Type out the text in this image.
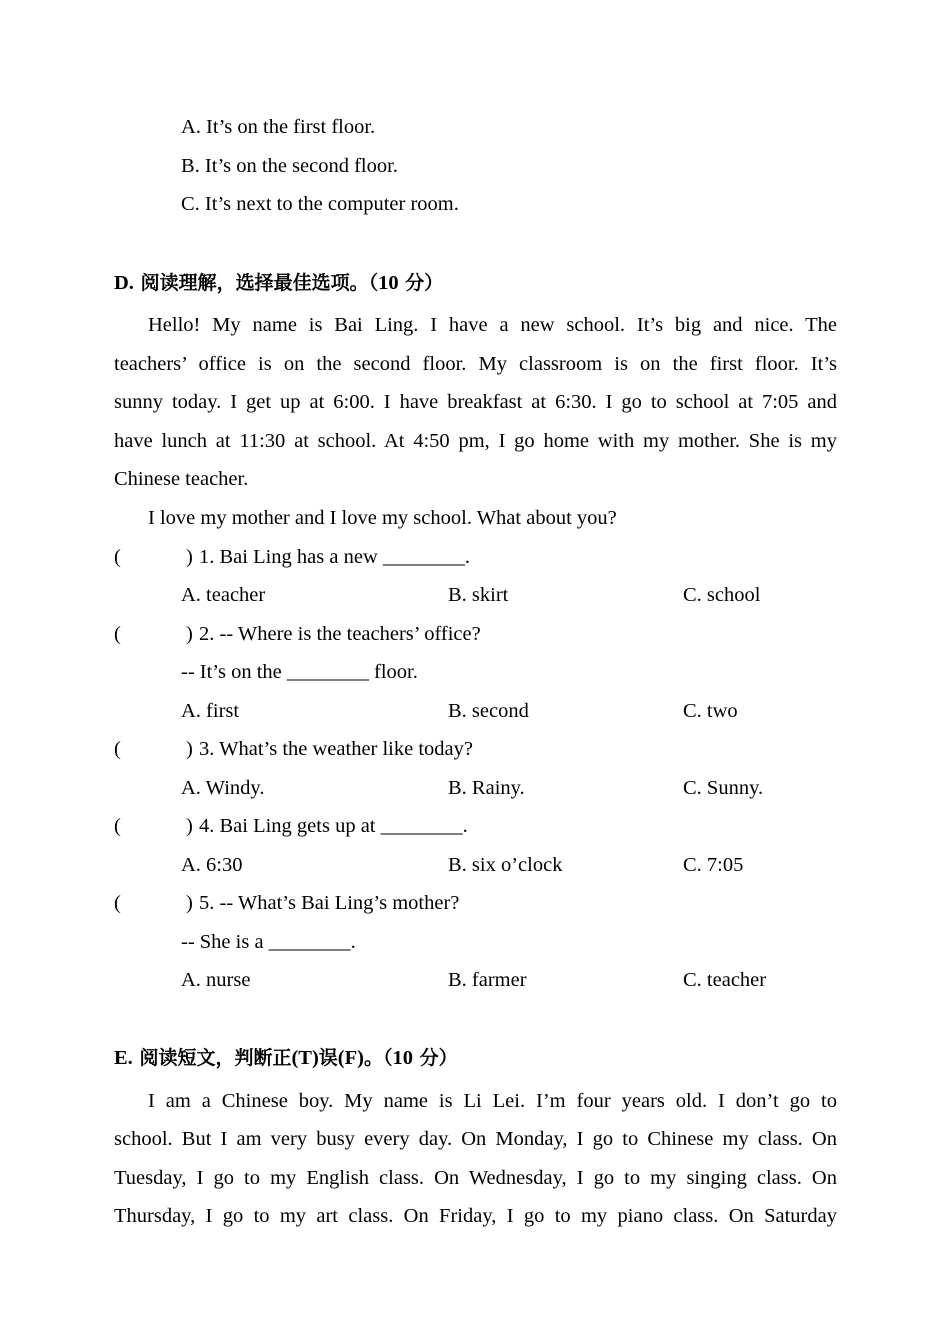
A. It’s on the first floor.
B. It’s on the second floor.
C. It’s next to the computer room.
D. 阅读理解，选择最佳选项。（10 分）
Hello! My name is Bai Ling. I have a new school. It’s big and nice. The
teachers’ office is on the second floor. My classroom is on the first floor. It’s
sunny today. I get up at 6:00. I have breakfast at 6:30. I go to school at 7:05 and
have lunch at 11:30 at school. At 4:50 pm, I go home with my mother. She is my
Chinese teacher.
I love my mother and I love my school. What about you?
(	) 1. Bai Ling has a new ________.
A. teacher	B. skirt	C. school
(	) 2. -- Where is the teachers’ office?
-- It’s on the ________ floor.
A. first	B. second	C. two
(	) 3. What’s the weather like today?
A. Windy.	B. Rainy.	C. Sunny.
(	) 4. Bai Ling gets up at ________.
A. 6:30	B. six o’clock	C. 7:05
(	) 5. -- What’s Bai Ling’s mother?
-- She is a ________.
A. nurse	B. farmer	C. teacher
E. 阅读短文，判断正(T)误(F)。（10 分）
I am a Chinese boy. My name is Li Lei. I’m four years old. I don’t go to
school. But I am very busy every day. On Monday, I go to Chinese my class. On
Tuesday, I go to my English class. On Wednesday, I go to my singing class. On
Thursday, I go to my art class. On Friday, I go to my piano class. On Saturday
